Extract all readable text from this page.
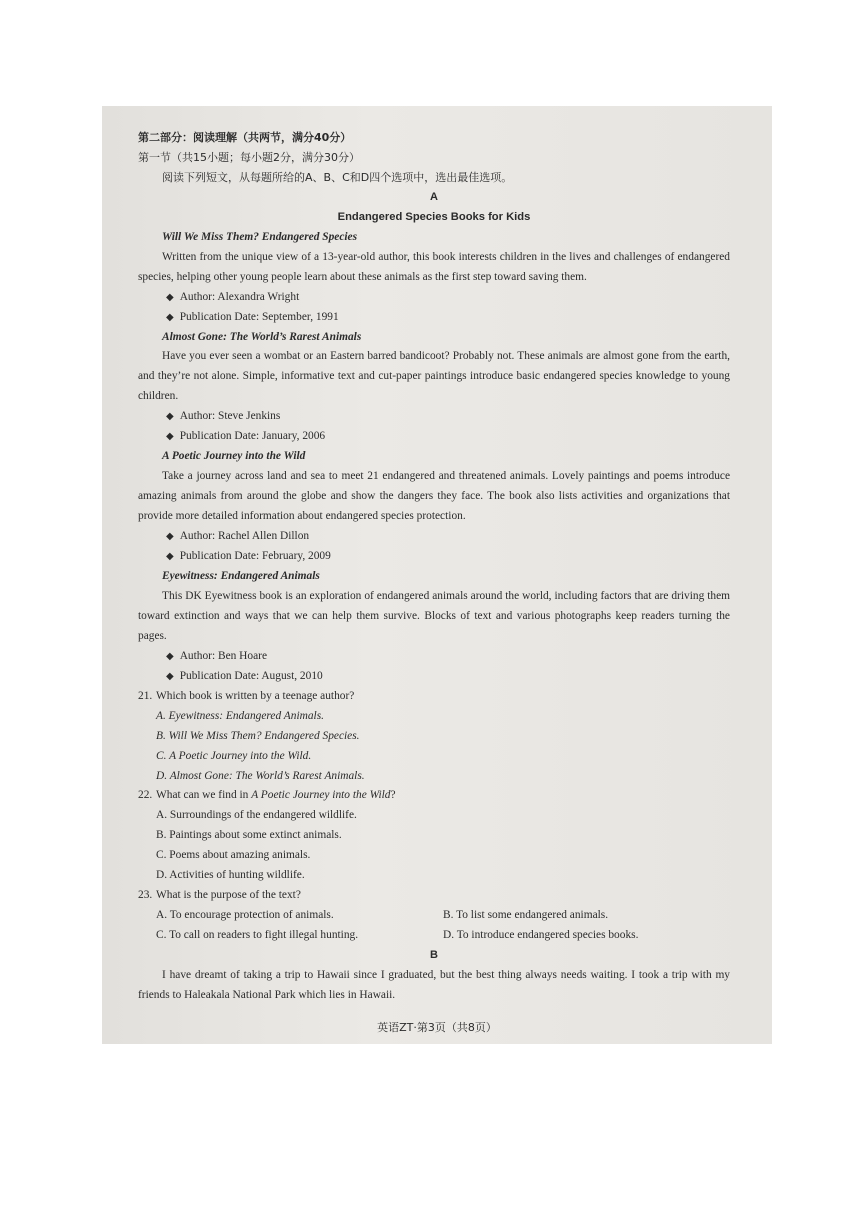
第二部分：阅读理解（共两节，满分40分）
第一节（共15小题；每小题2分，满分30分）
阅读下列短文，从每题所给的A、B、C和D四个选项中，选出最佳选项。
A
Endangered Species Books for Kids
Will We Miss Them? Endangered Species
Written from the unique view of a 13-year-old author, this book interests children in the lives and challenges of endangered species, helping other young people learn about these animals as the first step toward saving them.
◆ Author: Alexandra Wright
◆ Publication Date: September, 1991
Almost Gone: The World’s Rarest Animals
Have you ever seen a wombat or an Eastern barred bandicoot? Probably not. These animals are almost gone from the earth, and they’re not alone. Simple, informative text and cut-paper paintings introduce basic endangered species knowledge to young children.
◆ Author: Steve Jenkins
◆ Publication Date: January, 2006
A Poetic Journey into the Wild
Take a journey across land and sea to meet 21 endangered and threatened animals. Lovely paintings and poems introduce amazing animals from around the globe and show the dangers they face. The book also lists activities and organizations that provide more detailed information about endangered species protection.
◆ Author: Rachel Allen Dillon
◆ Publication Date: February, 2009
Eyewitness: Endangered Animals
This DK Eyewitness book is an exploration of endangered animals around the world, including factors that are driving them toward extinction and ways that we can help them survive. Blocks of text and various photographs keep readers turning the pages.
◆ Author: Ben Hoare
◆ Publication Date: August, 2010
21. Which book is written by a teenage author?
A. Eyewitness: Endangered Animals.
B. Will We Miss Them? Endangered Species.
C. A Poetic Journey into the Wild.
D. Almost Gone: The World’s Rarest Animals.
22. What can we find in A Poetic Journey into the Wild?
A. Surroundings of the endangered wildlife.
B. Paintings about some extinct animals.
C. Poems about amazing animals.
D. Activities of hunting wildlife.
23. What is the purpose of the text?
A. To encourage protection of animals.	B. To list some endangered animals.
C. To call on readers to fight illegal hunting.	D. To introduce endangered species books.
B
I have dreamt of taking a trip to Hawaii since I graduated, but the best thing always needs waiting. I took a trip with my friends to Haleakala National Park which lies in Hawaii.
英语ZT·第3页（共8页）
